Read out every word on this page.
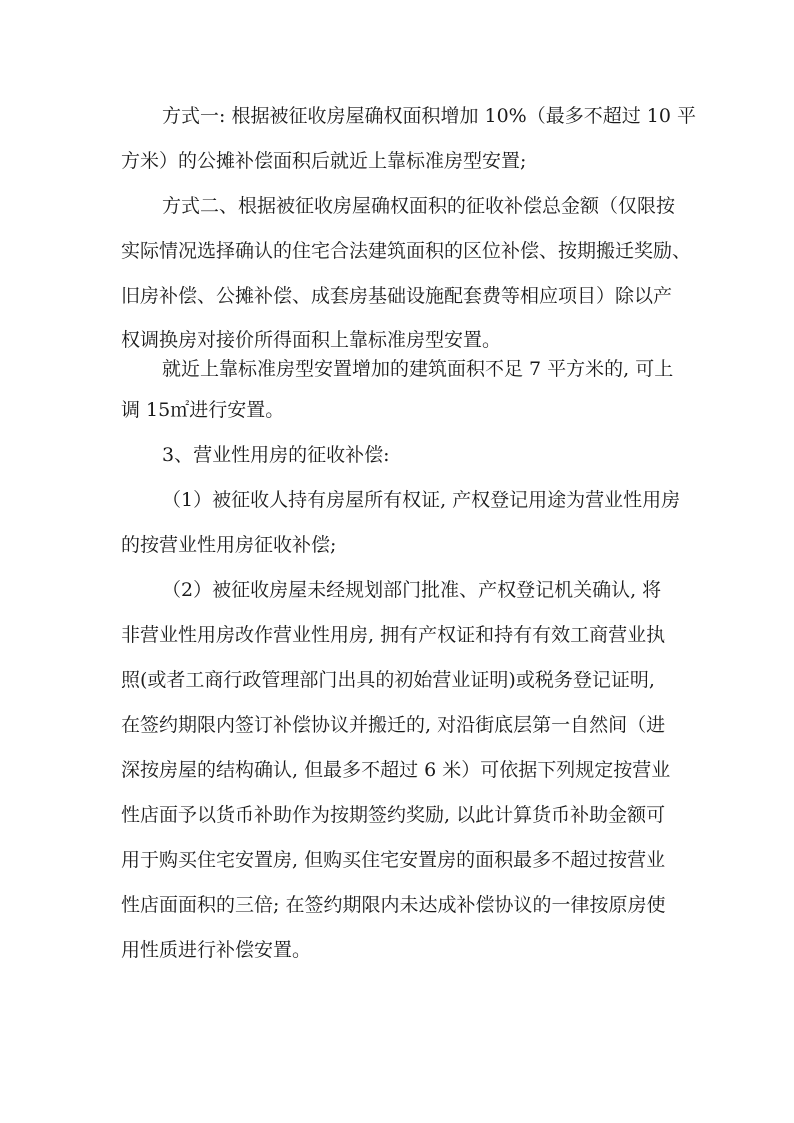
方式一: 根据被征收房屋确权面积增加 10%（最多不超过 10 平
方米）的公摊补偿面积后就近上靠标准房型安置;
方式二、根据被征收房屋确权面积的征收补偿总金额（仅限按
实际情况选择确认的住宅合法建筑面积的区位补偿、按期搬迁奖励、
旧房补偿、公摊补偿、成套房基础设施配套费等相应项目）除以产
权调换房对接价所得面积上靠标准房型安置。
就近上靠标准房型安置增加的建筑面积不足 7 平方米的, 可上
调 15㎡进行安置。
3、营业性用房的征收补偿:
（1）被征收人持有房屋所有权证, 产权登记用途为营业性用房
的按营业性用房征收补偿;
（2）被征收房屋未经规划部门批准、产权登记机关确认, 将
非营业性用房改作营业性用房, 拥有产权证和持有有效工商营业执
照(或者工商行政管理部门出具的初始营业证明)或税务登记证明,
在签约期限内签订补偿协议并搬迁的, 对沿街底层第一自然间（进
深按房屋的结构确认, 但最多不超过 6 米）可依据下列规定按营业
性店面予以货币补助作为按期签约奖励, 以此计算货币补助金额可
用于购买住宅安置房, 但购买住宅安置房的面积最多不超过按营业
性店面面积的三倍; 在签约期限内未达成补偿协议的一律按原房使
用性质进行补偿安置。
